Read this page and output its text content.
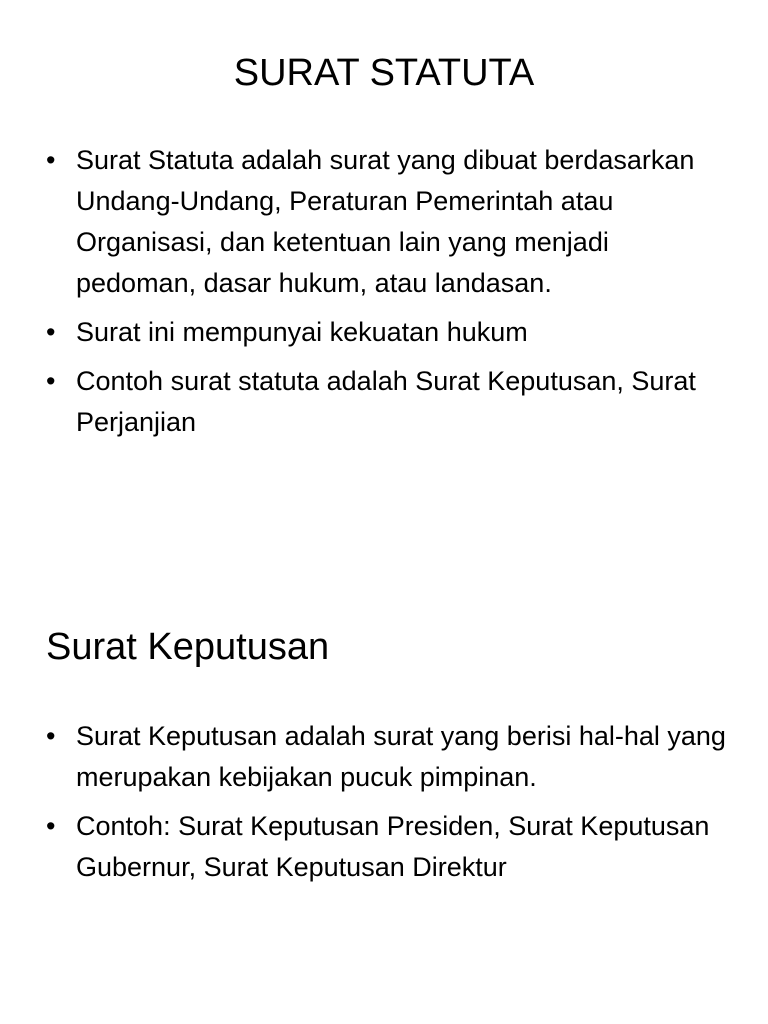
SURAT STATUTA
• Surat Statuta adalah surat yang dibuat berdasarkan Undang-Undang, Peraturan Pemerintah atau Organisasi, dan ketentuan lain yang menjadi pedoman, dasar hukum, atau landasan.
• Surat ini mempunyai kekuatan hukum
• Contoh surat statuta adalah Surat Keputusan, Surat Perjanjian
Surat Keputusan
• Surat Keputusan adalah surat yang berisi hal-hal yang merupakan kebijakan pucuk pimpinan.
• Contoh: Surat Keputusan Presiden, Surat Keputusan Gubernur, Surat Keputusan Direktur
